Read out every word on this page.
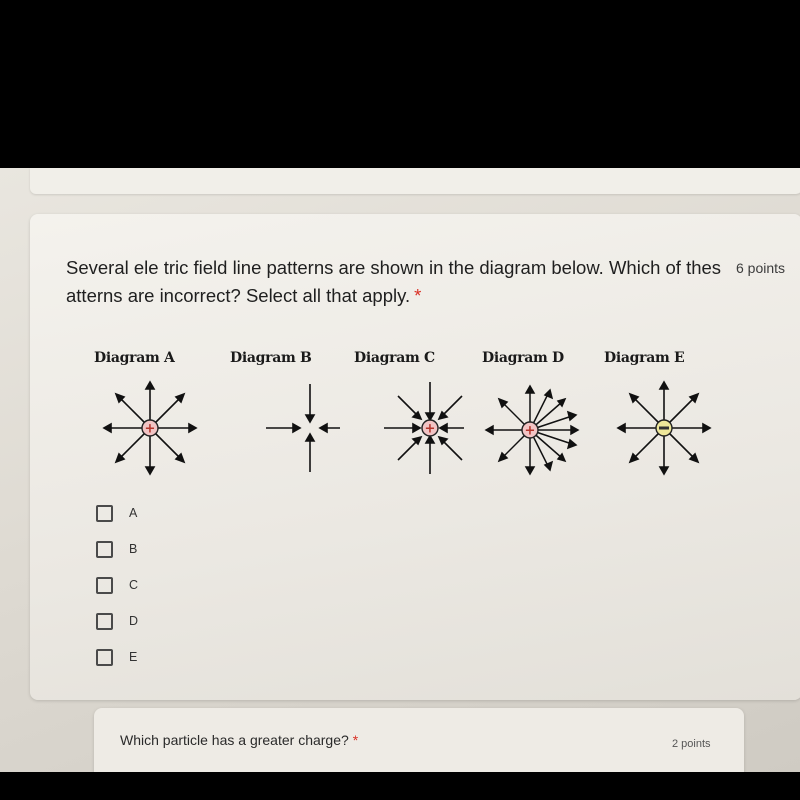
Several ele tric field line patterns are shown in the diagram below. Which of thes atterns are incorrect? Select all that apply. *

6 points
Diagram A	Diagram B	Diagram C	Diagram D	Diagram E
+	+	+
A
B
C
D
E
Which particle has a greater charge? *	2 points
